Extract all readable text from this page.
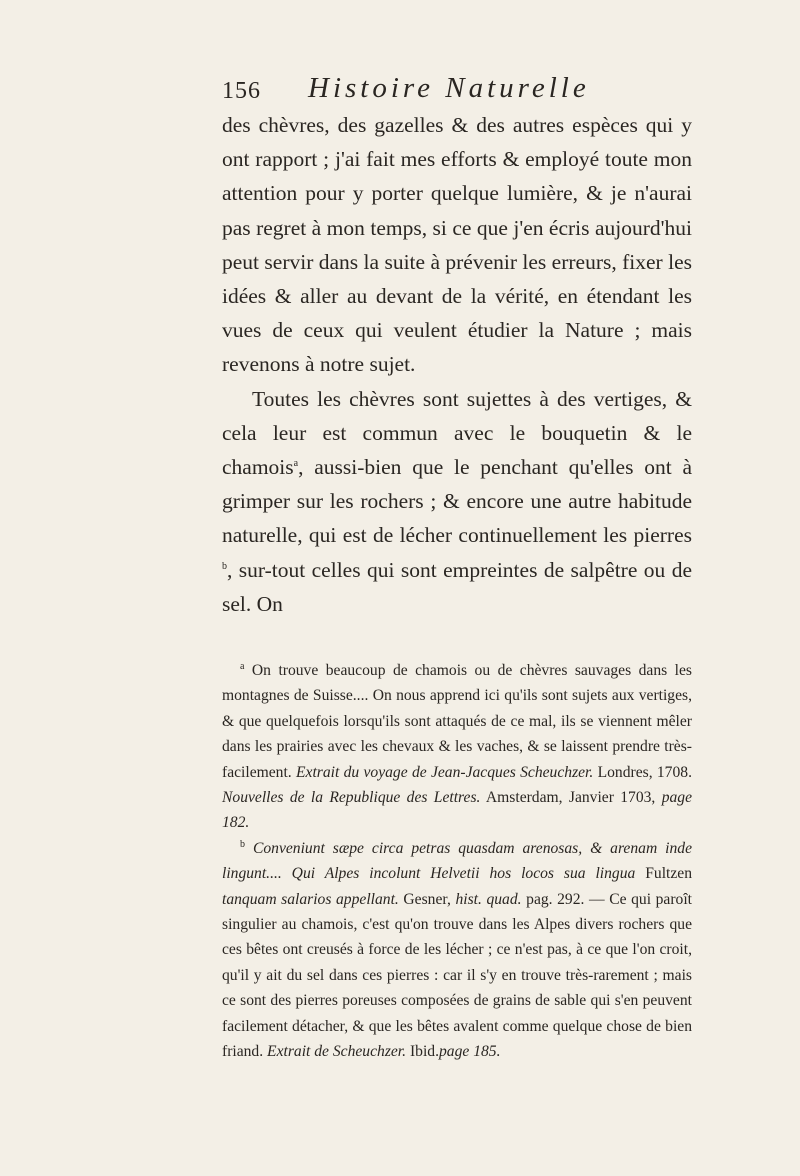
156 Histoire Naturelle

des chèvres, des gazelles & des autres espèces qui y ont rapport ; j'ai fait mes efforts & employé toute mon attention pour y porter quelque lumière, & je n'aurai pas regret à mon temps, si ce que j'en écris aujourd'hui peut servir dans la suite à prévenir les erreurs, fixer les idées & aller au devant de la vérité, en étendant les vues de ceux qui veulent étudier la Nature ; mais revenons à notre sujet.

Toutes les chèvres sont sujettes à des vertiges, & cela leur est commun avec le bouquetin & le chamois$^a$, aussi-bien que le penchant qu'elles ont à grimper sur les rochers ; & encore une autre habitude naturelle, qui est de lécher continuellement les pierres $^b$, sur-tout celles qui sont empreintes de salpêtre ou de sel. On

$^a$ On trouve beaucoup de chamois ou de chèvres sauvages dans les montagnes de Suisse.... On nous apprend ici qu'ils sont sujets aux vertiges, & que quelquefois lorsqu'ils sont attaqués de ce mal, ils se viennent mêler dans les prairies avec les chevaux & les vaches, & se laissent prendre très-facilement. Extrait du voyage de Jean-Jacques Scheuchzer. Londres, 1708. Nouvelles de la Republique des Lettres. Amsterdam, Janvier 1703, page 182.

$^b$ Conveniunt sæpe circa petras quasdam arenosas, & arenam inde lingunt.... Qui Alpes incolunt Helvetii hos locos sua lingua Fultzen tanquam salarios appellant. Gesner, hist. quad. pag. 292. — Ce qui paroît singulier au chamois, c'est qu'on trouve dans les Alpes divers rochers que ces bêtes ont creusés à force de les lécher ; ce n'est pas, à ce que l'on croit, qu'il y ait du sel dans ces pierres : car il s'y en trouve très-rarement ; mais ce sont des pierres poreuses composées de grains de sable qui s'en peuvent facilement détacher, & que les bêtes avalent comme quelque chose de bien friand. Extrait de Scheuchzer. Ibid.page 185.
